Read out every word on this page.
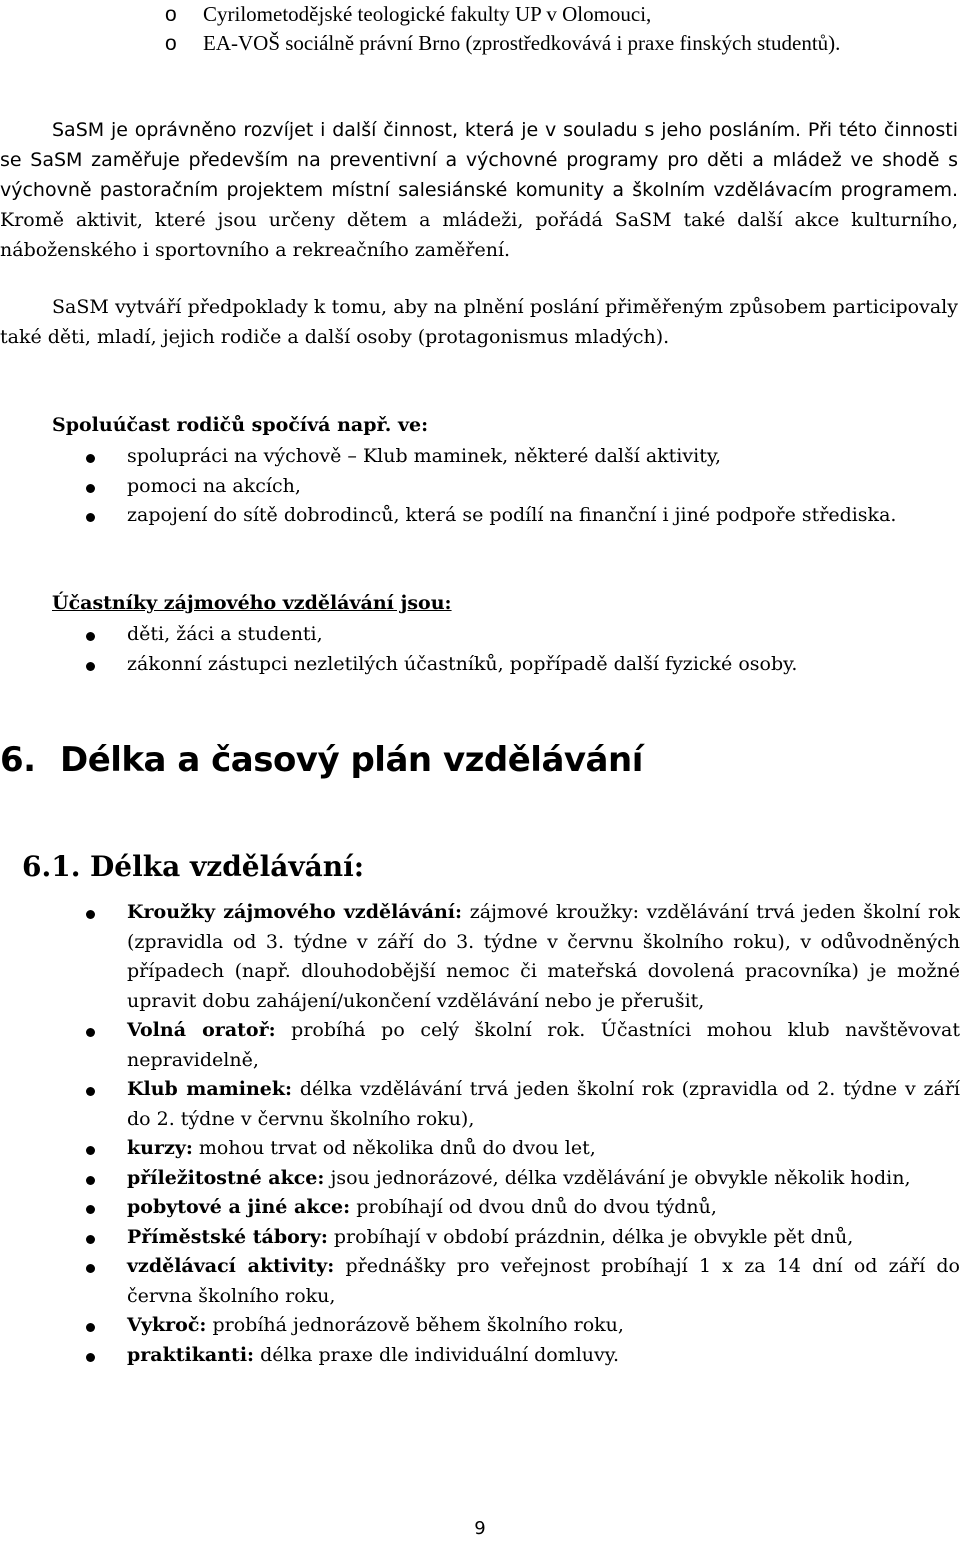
o Cyrilometodějské teologické fakulty UP v Olomouci,
o EA-VOŠ sociálně právní Brno (zprostředkovává i praxe finských studentů).

SaSM je oprávněno rozvíjet i další činnost, která je v souladu s jeho posláním. Při této činnosti se SaSM zaměřuje především na preventivní a výchovné programy pro děti a mládež ve shodě s výchovně pastoračním projektem místní salesiánské komunity a školním vzdělávacím programem. Kromě aktivit, které jsou určeny dětem a mládeži, pořádá SaSM také další akce kulturního, náboženského i sportovního a rekreačního zaměření.

SaSM vytváří předpoklady k tomu, aby na plnění poslání přiměřeným způsobem participovaly také děti, mladí, jejich rodiče a další osoby (protagonismus mladých).

Spoluúčast rodičů spočívá např. ve:

spolupráci na výchově – Klub maminek, některé další aktivity,
pomoci na akcích,
zapojení do sítě dobrodinců, která se podílí na finanční i jiné podpoře střediska.

Účastníky zájmového vzdělávání jsou:

děti, žáci a studenti,
zákonní zástupci nezletilých účastníků, popřípadě další fyzické osoby.
6. Délka a časový plán vzdělávání
6.1. Délka vzdělávání:
Kroužky zájmového vzdělávání: zájmové kroužky: vzdělávání trvá jeden školní rok (zpravidla od 3. týdne v září do 3. týdne v červnu školního roku), v odůvodněných případech (např. dlouhodobější nemoc či mateřská dovolená pracovníka) je možné upravit dobu zahájení/ukončení vzdělávání nebo je přerušit,
Volná oratoř: probíhá po celý školní rok. Účastníci mohou klub navštěvovat nepravidelně,
Klub maminek: délka vzdělávání trvá jeden školní rok (zpravidla od 2. týdne v září do 2. týdne v červnu školního roku),
kurzy: mohou trvat od několika dnů do dvou let,
příležitostné akce: jsou jednorázové, délka vzdělávání je obvykle několik hodin,
pobytové a jiné akce: probíhají od dvou dnů do dvou týdnů,
Příměstské tábory: probíhají v období prázdnin, délka je obvykle pět dnů,
vzdělávací aktivity: přednášky pro veřejnost probíhají 1 x za 14 dní od září do června školního roku,
Vykroč: probíhá jednorázově během školního roku,
praktikanti: délka praxe dle individuální domluvy.
9
